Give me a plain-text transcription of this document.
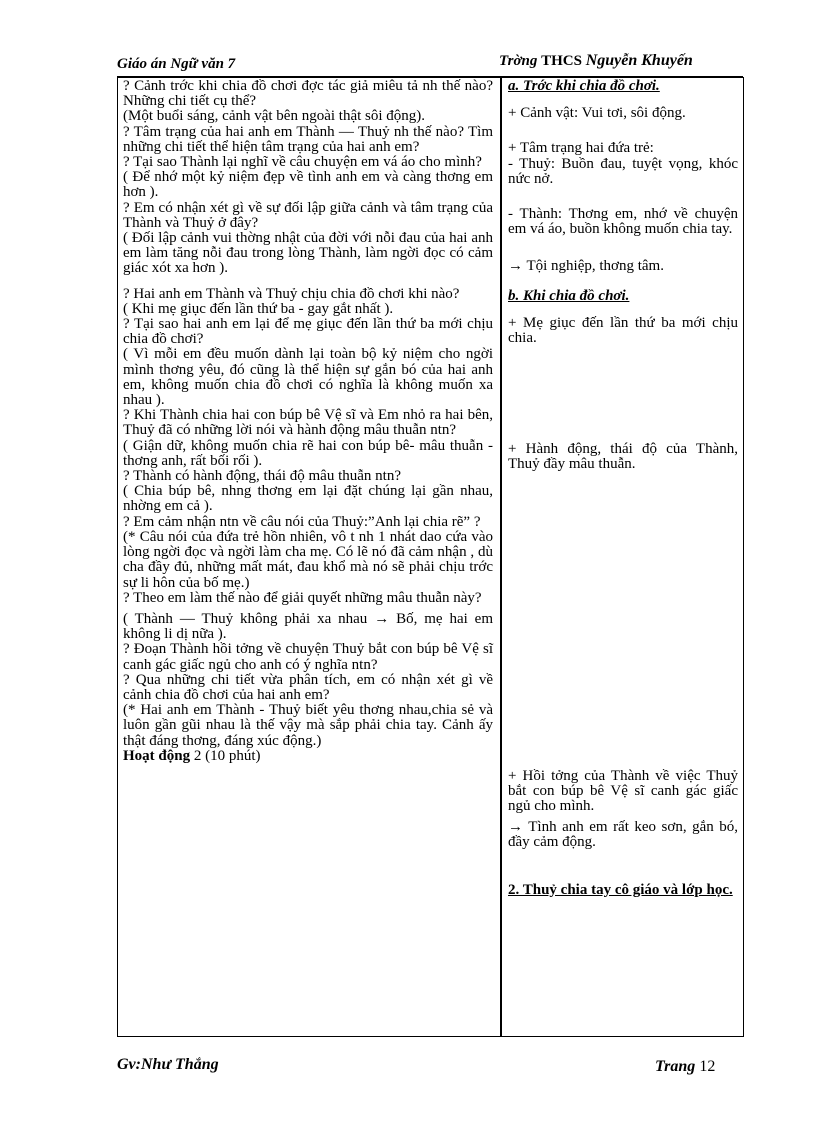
Giáo án Ngữ văn 7	Trờng THCS Nguyễn Khuyến

? Cảnh trớc khi chia đồ chơi đợc tác giả miêu tả nh thế nào? Những chi tiết cụ thể?

(Một buổi sáng, cảnh vật bên ngoài thật sôi động).

? Tâm trạng của hai anh em Thành — Thuỷ nh thế nào? Tìm những chi tiết thể hiện tâm trạng của hai anh em?

? Tại sao Thành lại nghĩ về câu chuyện em vá áo cho mình?

( Để nhớ một kỷ niệm đẹp về tình anh em và càng thơng em hơn ).

? Em có nhận xét gì về sự đối lập giữa cảnh và tâm trạng của Thành và Thuỷ ở đây?

( Đối lập cảnh vui thờng nhật của đời với nỗi đau của hai anh em làm tăng nỗi đau trong lòng Thành, làm ngời đọc có cảm giác xót xa hơn ).

? Hai anh em Thành và Thuỷ chịu chia đồ chơi khi nào?

( Khi mẹ giục đến lần thứ ba - gay gắt nhất ).

? Tại sao hai anh em lại để mẹ giục đến lần thứ ba mới chịu chia đồ chơi?

( Vì mỗi em đều muốn dành lại toàn bộ kỷ niệm cho ngời mình thơng yêu, đó cũng là thể hiện sự gắn bó của hai anh em, không muốn chia đồ chơi có nghĩa là không muốn xa nhau ).

? Khi Thành chia hai con búp bê Vệ sĩ và Em nhỏ ra hai bên, Thuỷ đã có những lời nói và hành động mâu thuẫn ntn?

( Giận dữ, không muốn chia rẽ hai con búp bê- mâu thuẫn -thơng anh, rất bối rối ).

? Thành có hành động, thái độ mâu thuẫn ntn?

( Chia búp bê, nhng thơng em lại đặt chúng lại gần nhau, nhờng em cả ).

? Em cảm nhận ntn về câu nói của Thuỷ:”Anh lại chia rẽ” ?

(* Câu nói của đứa trẻ hồn nhiên, vô t nh 1 nhát dao cứa vào lòng ngời đọc và ngời làm cha mẹ. Có lẽ nó đã cảm nhận , dù cha đầy đủ, những mất mát, đau khổ mà nó sẽ phải chịu trớc sự li hôn của bố mẹ.)

? Theo em làm thế nào để giải quyết những mâu thuẫn này?

( Thành — Thuỷ không phải xa nhau → Bố, mẹ hai em không li dị nữa ).

? Đoạn Thành hồi tởng về chuyện Thuỷ bắt con búp bê Vệ sĩ canh gác giấc ngủ cho anh có ý nghĩa ntn?

? Qua những chi tiết vừa phân tích, em có nhận xét gì về cảnh chia đồ chơi của hai anh em?

(* Hai anh em Thành - Thuỷ biết yêu thơng nhau,chia sẻ và luôn gần gũi nhau là thế vậy mà sắp phải chia tay. Cảnh ấy thật đáng thơng, đáng xúc động.)

Hoạt động 2 (10 phút)

a. Trớc khi chia đồ chơi.

+ Cảnh vật: Vui tơi, sôi động.

+ Tâm trạng hai đứa trẻ:

- Thuỷ: Buồn đau, tuyệt vọng, khóc nức nở.

- Thành: Thơng em, nhớ về chuyện em vá áo, buồn không muốn chia tay.

→ Tội nghiệp, thơng tâm.

b. Khi chia đồ chơi.

+ Mẹ giục đến lần thứ ba mới chịu chia.

+ Hành động, thái độ của Thành, Thuỷ đầy mâu thuẫn.

+ Hồi tởng của Thành về việc Thuỷ bắt con búp bê Vệ sĩ canh gác giấc ngủ cho mình.

→ Tình anh em rất keo sơn, gắn bó, đầy cảm động.

2. Thuỷ chia tay cô giáo và lớp học.

Gv:Như Thắng	Trang 12
